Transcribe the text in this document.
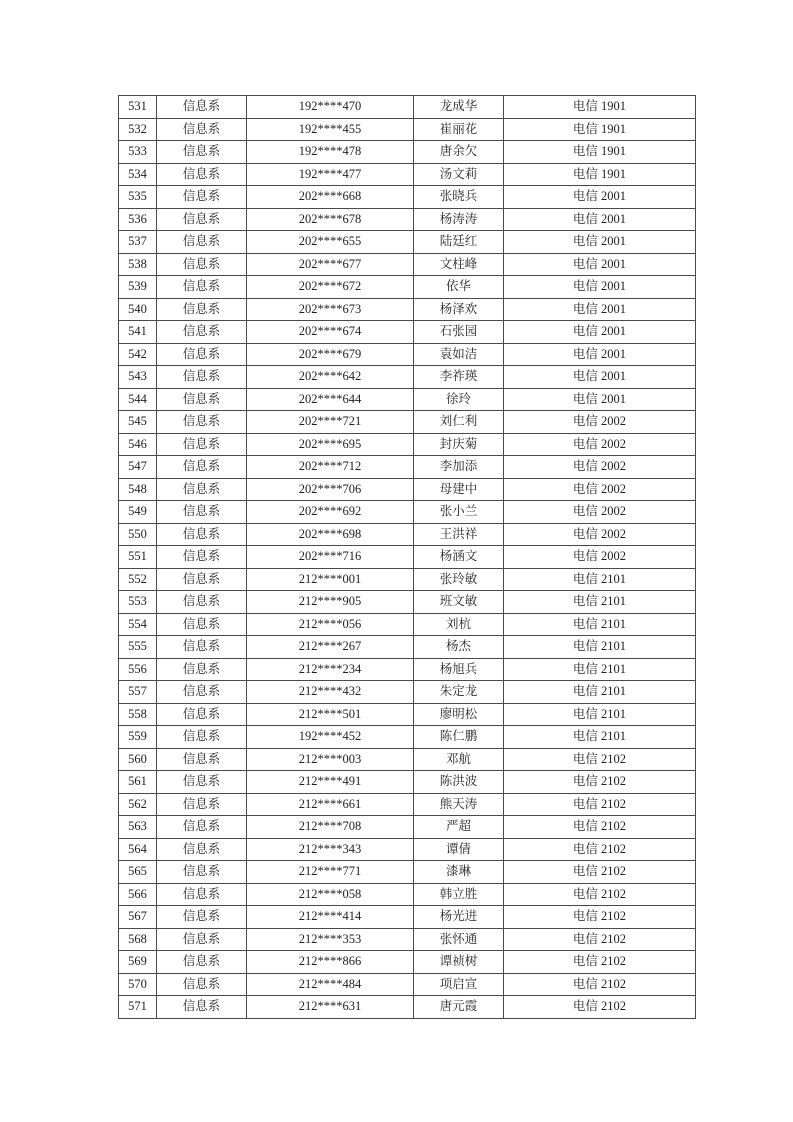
531	信息系	192****470	龙成华	电信 1901
532	信息系	192****455	崔丽花	电信 1901
533	信息系	192****478	唐余欠	电信 1901
534	信息系	192****477	汤文莉	电信 1901
535	信息系	202****668	张晓兵	电信 2001
536	信息系	202****678	杨涛涛	电信 2001
537	信息系	202****655	陆廷红	电信 2001
538	信息系	202****677	文柱峰	电信 2001
539	信息系	202****672	依华	电信 2001
540	信息系	202****673	杨泽欢	电信 2001
541	信息系	202****674	石张园	电信 2001
542	信息系	202****679	袁如洁	电信 2001
543	信息系	202****642	李祚瑛	电信 2001
544	信息系	202****644	徐玲	电信 2001
545	信息系	202****721	刘仁利	电信 2002
546	信息系	202****695	封庆菊	电信 2002
547	信息系	202****712	李加添	电信 2002
548	信息系	202****706	母建中	电信 2002
549	信息系	202****692	张小兰	电信 2002
550	信息系	202****698	王洪祥	电信 2002
551	信息系	202****716	杨涵文	电信 2002
552	信息系	212****001	张玲敏	电信 2101
553	信息系	212****905	班文敏	电信 2101
554	信息系	212****056	刘杭	电信 2101
555	信息系	212****267	杨杰	电信 2101
556	信息系	212****234	杨旭兵	电信 2101
557	信息系	212****432	朱定龙	电信 2101
558	信息系	212****501	廖明松	电信 2101
559	信息系	192****452	陈仁鹏	电信 2101
560	信息系	212****003	邓航	电信 2102
561	信息系	212****491	陈洪波	电信 2102
562	信息系	212****661	熊天涛	电信 2102
563	信息系	212****708	严超	电信 2102
564	信息系	212****343	谭倩	电信 2102
565	信息系	212****771	漆琳	电信 2102
566	信息系	212****058	韩立胜	电信 2102
567	信息系	212****414	杨光进	电信 2102
568	信息系	212****353	张怀通	电信 2102
569	信息系	212****866	谭祯树	电信 2102
570	信息系	212****484	项启宣	电信 2102
571	信息系	212****631	唐元霞	电信 2102
